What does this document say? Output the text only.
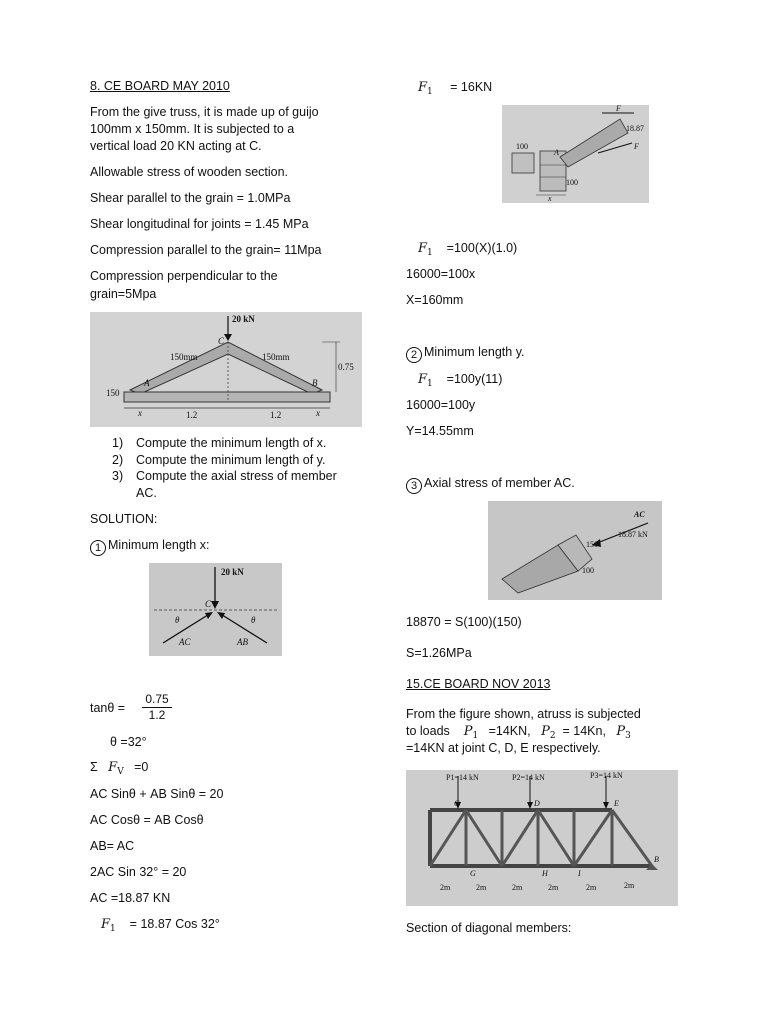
8. CE BOARD MAY 2010
From the give truss, it is made up of guijo
100mm x 150mm. It is subjected to a
vertical load 20 KN acting at C.
Allowable stress of wooden section.
Shear parallel to the grain = 1.0MPa
Shear longitudinal for joints = 1.45 MPa
Compression parallel to the grain= 11Mpa
Compression perpendicular to the
grain=5Mpa
20 kN
C
A	B
150mm	150mm
0.75
150
1.2	1.2
x	x
1) Compute the minimum length of x.
2) Compute the minimum length of y.
3) Compute the axial stress of member
AC.
SOLUTION:
1 Minimum length x:
20 kN
C
AC	AB
θ	θ
$\tan\theta = \frac{0.75}{1.2}$
θ =32°
Σ $F_V =0$
AC Sinθ + AB Sinθ = 20
AC Cosθ = AB Cosθ
AB= AC
2AC Sin 32° = 20
AC =18.87 KN
$F_1 = 18.87$ Cos 32°
$F_1 = 16KN$
100
A
100
x
F
F
18.87
$F_1 =100(X)(1.0)$
16000=100x
X=160mm
2 Minimum length y.
$F_1 =100y(11)$
16000=100y
Y=14.55mm
3 Axial stress of member AC.
AC
18.87 kN
150
100
18870 = S(100)(150)
S=1.26MPa
15.CE BOARD NOV 2013
From the figure shown, atruss is subjected
to loads $P_1 =14KN$, $P_2 = 14Kn$, $P_3$
=14KN at joint C, D, E respectively.
P1=14 kN	P2=14 kN	P3=14 kN
C	D	E
G	H	I
B
2m	2m	2m	2m	2m	2m
Section of diagonal members:
